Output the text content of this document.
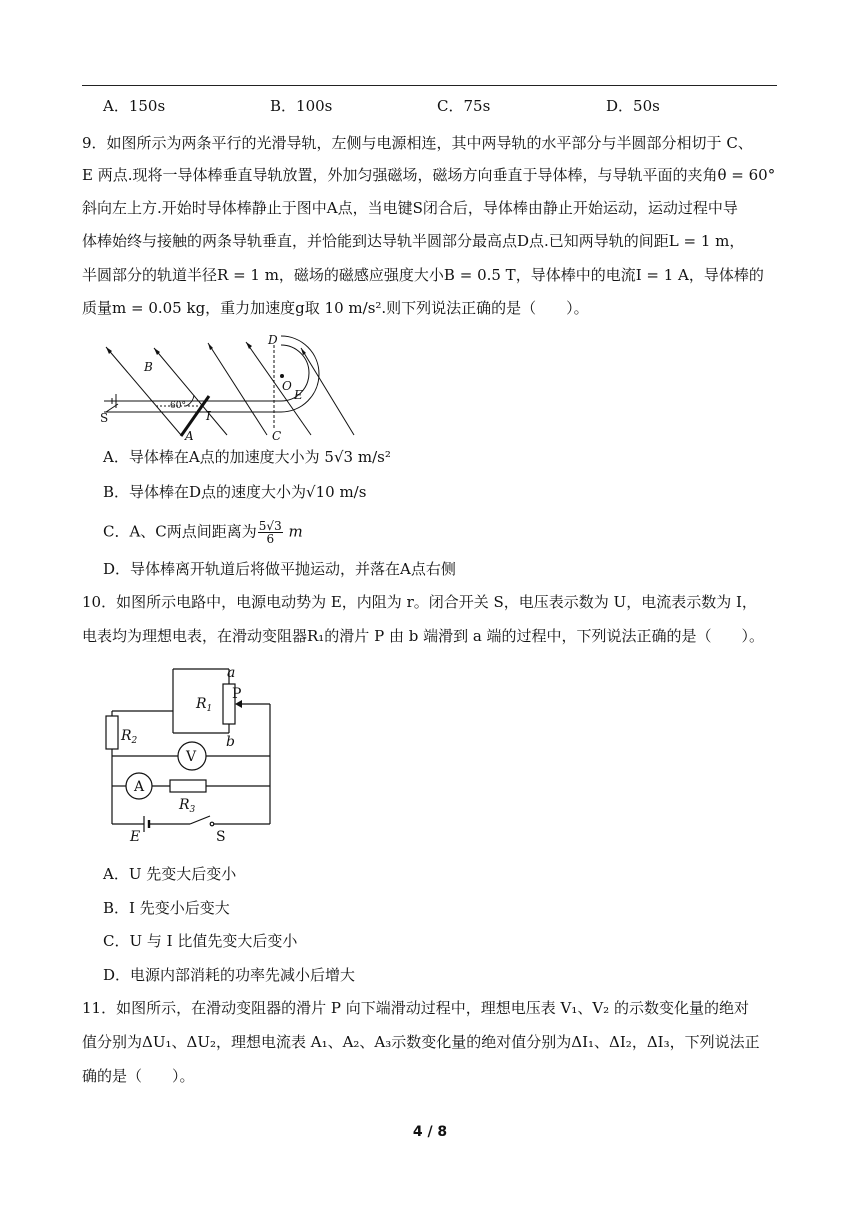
A．150s	B．100s	C．75s	D．50s
9．如图所示为两条平行的光滑导轨，左侧与电源相连，其中两导轨的水平部分与半圆部分相切于 C、
E 两点.现将一导体棒垂直导轨放置，外加匀强磁场，磁场方向垂直于导体棒，与导轨平面的夹角θ = 60°
斜向左上方.开始时导体棒静止于图中A点，当电键S闭合后，导体棒由静止开始运动，运动过程中导
体棒始终与接触的两条导轨垂直，并恰能到达导轨半圆部分最高点D点.已知两导轨的间距L = 1 m，
半圆部分的轨道半径R = 1 m，磁场的磁感应强度大小B = 0.5 T，导体棒中的电流I = 1 A，导体棒的
质量m = 0.05 kg，重力加速度g取 10 m/s².则下列说法正确的是（　　）。
D
B
O
E
I
A	C
S
60°
A．导体棒在A点的加速度大小为 5√3 m/s²
B．导体棒在D点的速度大小为√10 m/s
C．A、C两点间距离为 $\frac{5√3}{6}$ m
D．导体棒离开轨道后将做平抛运动，并落在A点右侧
10．如图所示电路中，电源电动势为 E，内阻为 r。闭合开关 S，电压表示数为 U，电流表示数为 I，
电表均为理想电表，在滑动变阻器R₁的滑片 P 由 b 端滑到 a 端的过程中，下列说法正确的是（　　）。
a
P
$R_1$
$R_2$	b
V
A
$R_3$
E	S
A．U 先变大后变小
B．I 先变小后变大
C．U 与 I 比值先变大后变小
D．电源内部消耗的功率先减小后增大
11．如图所示，在滑动变阻器的滑片 P 向下端滑动过程中，理想电压表 V₁、V₂ 的示数变化量的绝对
值分别为ΔU₁、ΔU₂，理想电流表 A₁、A₂、A₃示数变化量的绝对值分别为ΔI₁、ΔI₂，ΔI₃，下列说法正
确的是（　　）。
4 / 8
